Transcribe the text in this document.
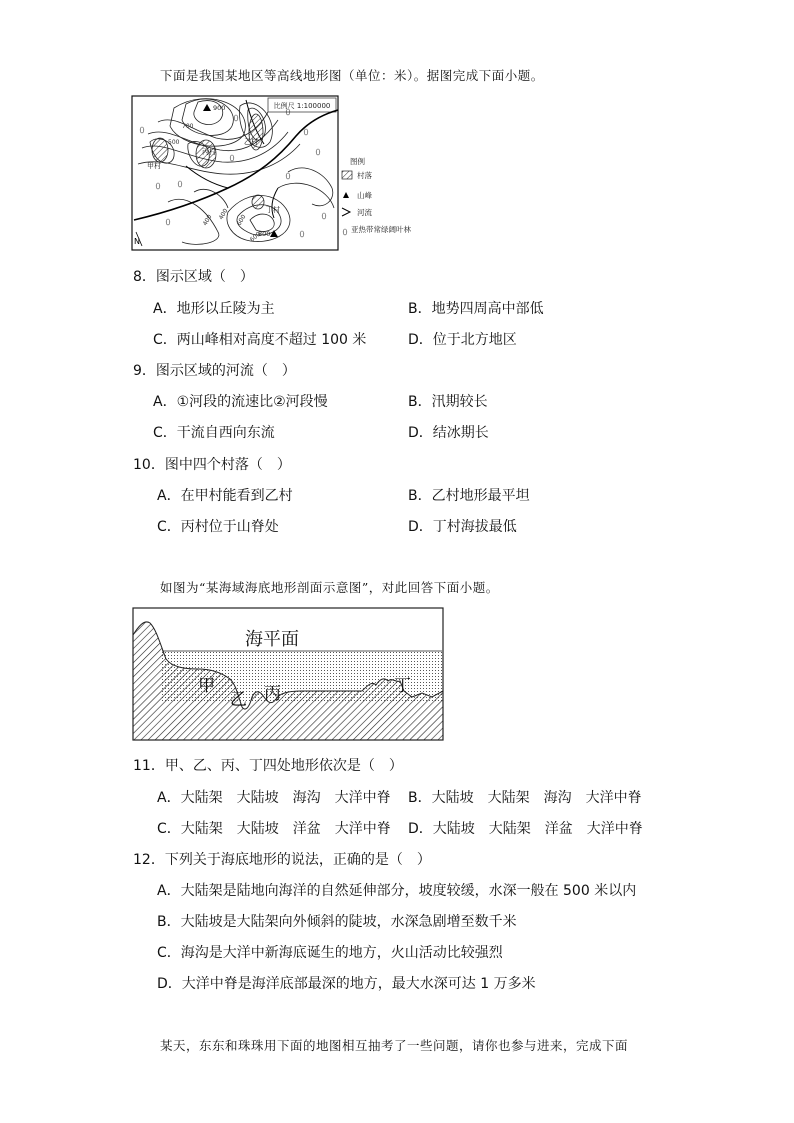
下面是我国某地区等高线地形图（单位：米）。据图完成下面小题。
比例尺 1:100000
900
800
700
500
400
400	600
600
甲村
丙村
乙村
丁村
N
图例
村落
山峰
河流
亚热带常绿阔叶林
8．图示区域（　）
A．地形以丘陵为主	B．地势四周高中部低
C．两山峰相对高度不超过 100 米	D．位于北方地区
9．图示区域的河流（　）
A．①河段的流速比②河段慢	B．汛期较长
C．干流自西向东流	D．结冰期长
10．图中四个村落（　）
A．在甲村能看到乙村	B．乙村地形最平坦
C．丙村位于山脊处	D．丁村海拔最低
如图为“某海域海底地形剖面示意图”，对此回答下面小题。
海平面
甲
乙 丙	丁
11．甲、乙、丙、丁四处地形依次是（　）
A．大陆架　大陆坡　海沟　大洋中脊 B．大陆坡　大陆架　海沟　大洋中脊
C．大陆架　大陆坡　洋盆　大洋中脊 D．大陆坡　大陆架　洋盆　大洋中脊
12．下列关于海底地形的说法，正确的是（　）
A．大陆架是陆地向海洋的自然延伸部分，坡度较缓，水深一般在 500 米以内
B．大陆坡是大陆架向外倾斜的陡坡，水深急剧增至数千米
C．海沟是大洋中新海底诞生的地方，火山活动比较强烈
D．大洋中脊是海洋底部最深的地方，最大水深可达 1 万多米
某天，东东和珠珠用下面的地图相互抽考了一些问题，请你也参与进来，完成下面
